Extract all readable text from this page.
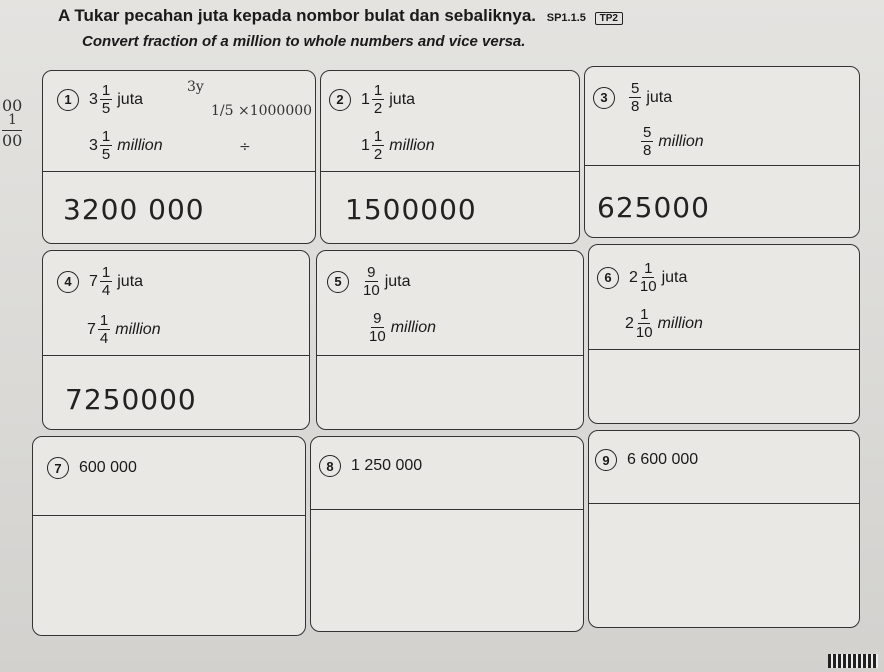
A Tukar pecahan juta kepada nombor bulat dan sebaliknya. SP1.1.5 TP2
Convert fraction of a million to whole numbers and vice versa.
00
1
00
1	$3 \frac{1}{5}$ juta
$3 \frac{1}{5}$ million
3y
1/5 ×1000000
÷
3200 000
2	$1 \frac{1}{2}$ juta
$1 \frac{1}{2}$ million
1500000
3	$\frac{5}{8}$ juta
$\frac{5}{8}$ million
625000
4	$7 \frac{1}{4}$ juta
$7 \frac{1}{4}$ million
7250000
5	$\frac{9}{10}$ juta
$\frac{9}{10}$ million
6	$2 \frac{1}{10}$ juta
$2 \frac{1}{10}$ million
7	600 000	8	1 250 000	9	6 600 000
